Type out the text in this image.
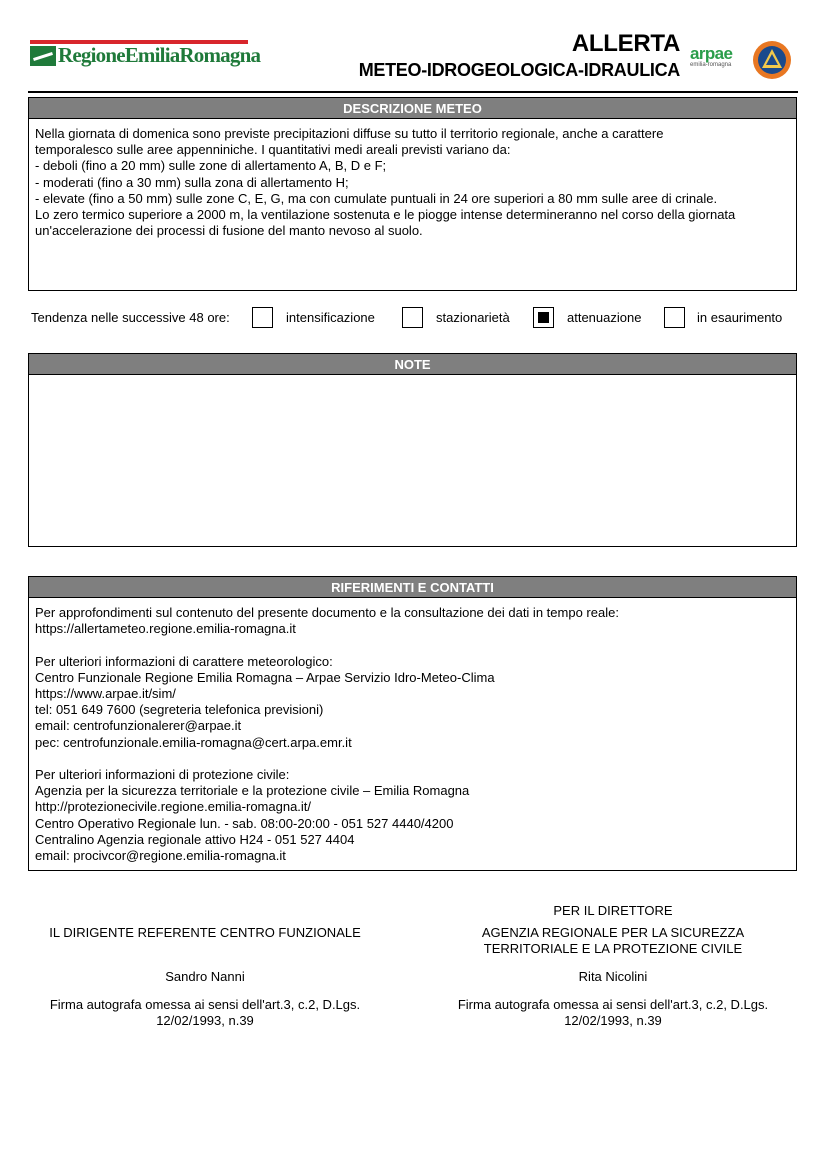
RegioneEmiliaRomagna	ALLERTA
METEO-IDROGEOLOGICA-IDRAULICA
arpae
emilia-romagna
DESCRIZIONE METEO
Nella giornata di domenica sono previste precipitazioni diffuse su tutto il territorio regionale, anche a carattere
temporalesco sulle aree appenniniche. I quantitativi medi areali previsti variano da:
- deboli (fino a 20 mm) sulle zone di allertamento A, B, D e F;
- moderati (fino a 30 mm) sulla zona di allertamento H;
- elevate (fino a 50 mm) sulle zone C, E, G, ma con cumulate puntuali in 24 ore superiori a 80 mm sulle aree di crinale.
Lo zero termico superiore a 2000 m, la ventilazione sostenuta e le piogge intense determineranno nel corso della giornata
un'accelerazione dei processi di fusione del manto nevoso al suolo.
Tendenza nelle successive 48 ore:	intensificazione	stazionarietà	attenuazione	in esaurimento
NOTE
RIFERIMENTI E CONTATTI
Per approfondimenti sul contenuto del presente documento e la consultazione dei dati in tempo reale:
https://allertameteo.regione.emilia-romagna.it
Per ulteriori informazioni di carattere meteorologico:
Centro Funzionale Regione Emilia Romagna – Arpae Servizio Idro-Meteo-Clima
https://www.arpae.it/sim/
tel: 051 649 7600 (segreteria telefonica previsioni)
email: centrofunzionalerer@arpae.it
pec: centrofunzionale.emilia-romagna@cert.arpa.emr.it
Per ulteriori informazioni di protezione civile:
Agenzia per la sicurezza territoriale e la protezione civile – Emilia Romagna
http://protezionecivile.regione.emilia-romagna.it/
Centro Operativo Regionale lun. - sab. 08:00-20:00 - 051 527 4440/4200
Centralino Agenzia regionale attivo H24 - 051 527 4404
email: procivcor@regione.emilia-romagna.it
IL DIRIGENTE REFERENTE CENTRO FUNZIONALE
Sandro Nanni
Firma autografa omessa ai sensi dell'art.3, c.2, D.Lgs.
12/02/1993, n.39
PER IL DIRETTORE
AGENZIA REGIONALE PER LA SICUREZZA
TERRITORIALE E LA PROTEZIONE CIVILE
Rita Nicolini
Firma autografa omessa ai sensi dell'art.3, c.2, D.Lgs.
12/02/1993, n.39
